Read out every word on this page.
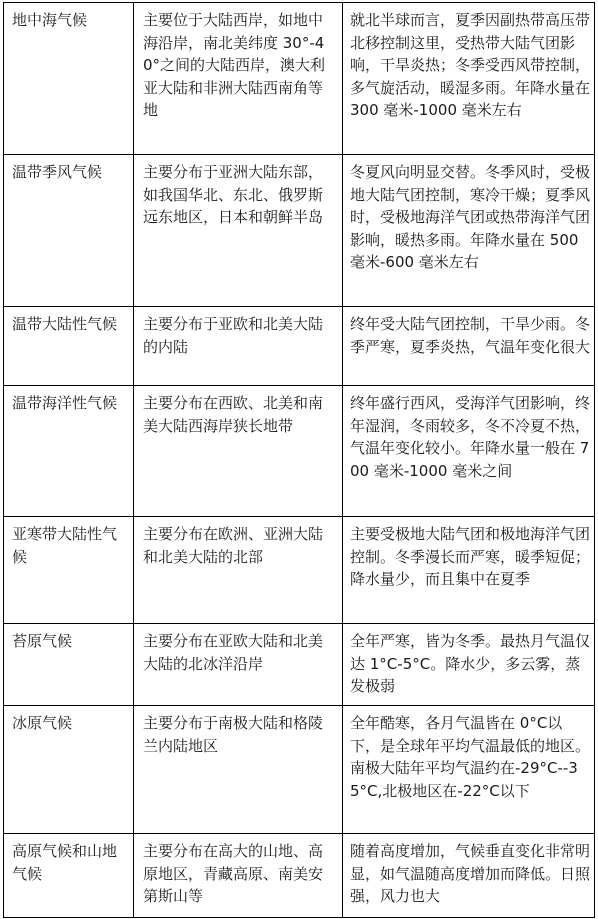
地中海气候	主要位于大陆西岸，如地中海沿岸，南北美纬度 30°-40°之间的大陆西岸，澳大利亚大陆和非洲大陆西南角等地	就北半球而言，夏季因副热带高压带北移控制这里，受热带大陆气团影响，干旱炎热；冬季受西风带控制，多气旋活动，暖湿多雨。年降水量在 300 毫米-1000 毫米左右
温带季风气候	主要分布于亚洲大陆东部，如我国华北、东北、俄罗斯远东地区，日本和朝鲜半岛	冬夏风向明显交替。冬季风时，受极地大陆气团控制，寒冷干燥；夏季风时，受极地海洋气团或热带海洋气团影响，暖热多雨。年降水量在 500 毫米-600 毫米左右
温带大陆性气候	主要分布于亚欧和北美大陆的内陆	终年受大陆气团控制，干旱少雨。冬季严寒，夏季炎热，气温年变化很大
温带海洋性气候	主要分布在西欧、北美和南美大陆西海岸狭长地带	终年盛行西风，受海洋气团影响，终年湿润，冬雨较多，冬不冷夏不热，气温年变化较小。年降水量一般在 700 毫米-1000 毫米之间
亚寒带大陆性气候	主要分布在欧洲、亚洲大陆和北美大陆的北部	主要受极地大陆气团和极地海洋气团控制。冬季漫长而严寒，暖季短促；降水量少，而且集中在夏季
苔原气候	主要分布在亚欧大陆和北美大陆的北冰洋沿岸	全年严寒，皆为冬季。最热月气温仅达 1°C-5°C。降水少，多云雾，蒸发极弱
冰原气候	主要分布于南极大陆和格陵兰内陆地区	全年酷寒，各月气温皆在 0°C以下，是全球年平均气温最低的地区。南极大陆年平均气温约在-29°C--35°C,北极地区在-22°C以下
高原气候和山地气候	主要分布在高大的山地、高原地区，青藏高原、南美安第斯山等	随着高度增加，气候垂直变化非常明显，如气温随高度增加而降低。日照强，风力也大
